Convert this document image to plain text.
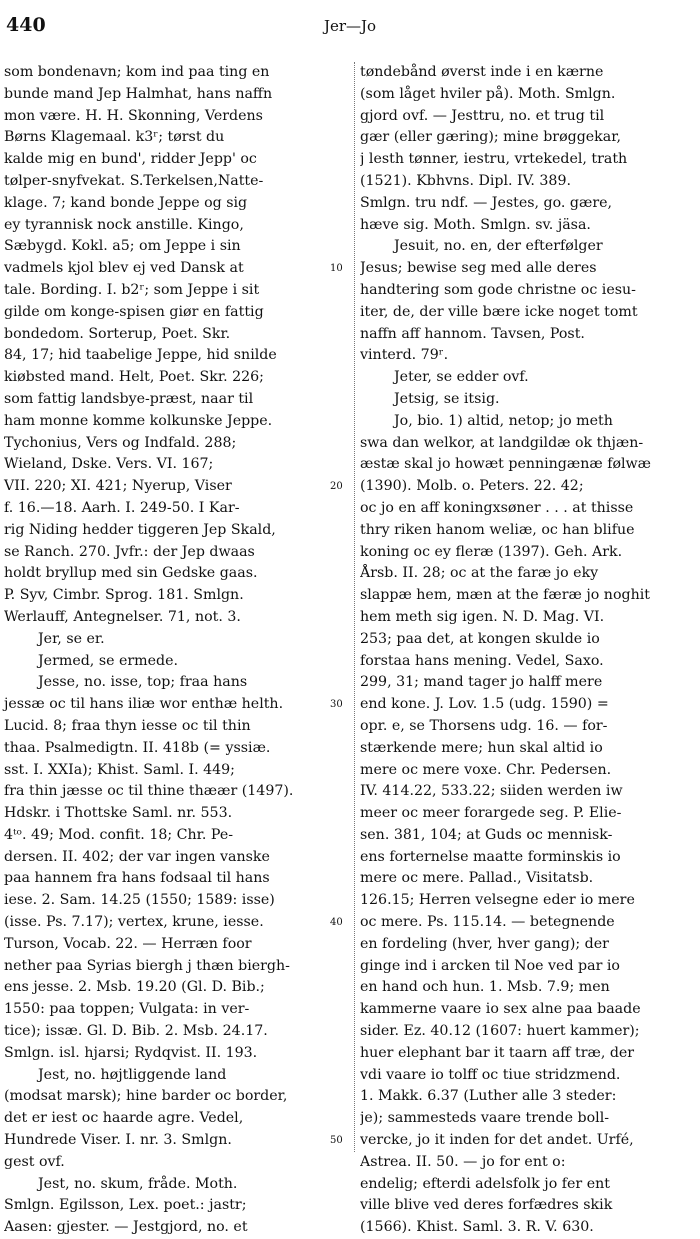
440	Jer—Jo
som bondenavn; kom ind paa ting en
bunde mand Jep Halmhat, hans naffn
mon være. H. H. Skonning, Verdens
Børns Klagemaal. k3ʳ; tørst du
kalde mig en bund', ridder Jepp' oc
tølper-snyfvekat. S.Terkelsen,Natte-
klage. 7; kand bonde Jeppe og sig
ey tyrannisk nock anstille. Kingo,
Sæbygd. Kokl. a5; om Jeppe i sin
vadmels kjol blev ej ved Dansk at	10
tale. Bording. I. b2ʳ; som Jeppe i sit
gilde om konge-spisen giør en fattig
bondedom. Sorterup, Poet. Skr.
84, 17; hid taabelige Jeppe, hid snilde
kiøbsted mand. Helt, Poet. Skr. 226;
som fattig landsbye-præst, naar til
ham monne komme kolkunske Jeppe.
Tychonius, Vers og Indfald. 288;
Wieland, Dske. Vers. VI. 167;
VII. 220; XI. 421; Nyerup, Viser	20
f. 16.—18. Aarh. I. 249-50. I Kar-
rig Niding hedder tiggeren Jep Skald,
se Ranch. 270. Jvfr.: der Jep dwaas
holdt bryllup med sin Gedske gaas.
P. Syv, Cimbr. Sprog. 181. Smlgn.
Werlauff, Antegnelser. 71, not. 3.
Jer, se er.
Jermed, se ermede.
Jesse, no. isse, top; fraa hans
jessæ oc til hans iliæ wor enthæ helth.	30
Lucid. 8; fraa thyn iesse oc til thin
thaa. Psalmedigtn. II. 418b (= yssiæ.
sst. I. XXIa); Khist. Saml. I. 449;
fra thin jæsse oc til thine thæær (1497).
Hdskr. i Thottske Saml. nr. 553.
4ᵗᵒ. 49; Mod. confit. 18; Chr. Pe-
dersen. II. 402; der var ingen vanske
paa hannem fra hans fodsaal til hans
iese. 2. Sam. 14.25 (1550; 1589: isse)
(isse. Ps. 7.17); vertex, krune, iesse.	40
Turson, Vocab. 22. — Herræn foor
nether paa Syrias biergh j thæn biergh-
ens jesse. 2. Msb. 19.20 (Gl. D. Bib.;
1550: paa toppen; Vulgata: in ver-
tice); issæ. Gl. D. Bib. 2. Msb. 24.17.
Smlgn. isl. hjarsi; Rydqvist. II. 193.
Jest, no. højtliggende land
(modsat marsk); hine barder oc border,
det er iest oc haarde agre. Vedel,
Hundrede Viser. I. nr. 3. Smlgn.	50
gest ovf.
Jest, no. skum, fråde. Moth.
Smlgn. Egilsson, Lex. poet.: jastr;
Aasen: gjester. — Jestgjord, no. et
tøndebånd øverst inde i en kærne
(som låget hviler på). Moth. Smlgn.
gjord ovf. — Jesttru, no. et trug til
gær (eller gæring); mine brøggekar,
j lesth tønner, iestru, vrtekedel, trath
(1521). Kbhvns. Dipl. IV. 389.
Smlgn. tru ndf. — Jestes, go. gære,
hæve sig. Moth. Smlgn. sv. jäsa.
Jesuit, no. en, der efterfølger
Jesus; bewise seg med alle deres
handtering som gode christne oc iesu-
iter, de, der ville bære icke noget tomt
naffn aff hannom. Tavsen, Post.
vinterd. 79ʳ.
Jeter, se edder ovf.
Jetsig, se itsig.
Jo, bio. 1) altid, netop; jo meth
swa dan welkor, at landgildæ ok thjæn-
æstæ skal jo howæt penningænæ følwæ
(1390). Molb. o. Peters. 22. 42;
oc jo en aff koningxsøner . . . at thisse
thry riken hanom weliæ, oc han blifue
koning oc ey fleræ (1397). Geh. Ark.
Årsb. II. 28; oc at the faræ jo eky
slappæ hem, mæn at the færæ jo noghit
hem meth sig igen. N. D. Mag. VI.
253; paa det, at kongen skulde io
forstaa hans mening. Vedel, Saxo.
299, 31; mand tager jo halff mere
end kone. J. Lov. 1.5 (udg. 1590) =
opr. e, se Thorsens udg. 16. — for-
stærkende mere; hun skal altid io
mere oc mere voxe. Chr. Pedersen.
IV. 414.22, 533.22; siiden werden iw
meer oc meer forargede seg. P. Elie-
sen. 381, 104; at Guds oc mennisk-
ens forternelse maatte forminskis io
mere oc mere. Pallad., Visitatsb.
126.15; Herren velsegne eder io mere
oc mere. Ps. 115.14. — betegnende
en fordeling (hver, hver gang); der
ginge ind i arcken til Noe ved par io
en hand och hun. 1. Msb. 7.9; men
kammerne vaare io sex alne paa baade
sider. Ez. 40.12 (1607: huert kammer);
huer elephant bar it taarn aff træ, der
vdi vaare io tolff oc tiue stridzmend.
1. Makk. 6.37 (Luther alle 3 steder:
je); sammesteds vaare trende boll-
vercke, jo it inden for det andet. Urfé,
Astrea. II. 50. — jo for ent o:
endelig; efterdi adelsfolk jo fer ent
ville blive ved deres forfædres skik
(1566). Khist. Saml. 3. R. V. 630.
